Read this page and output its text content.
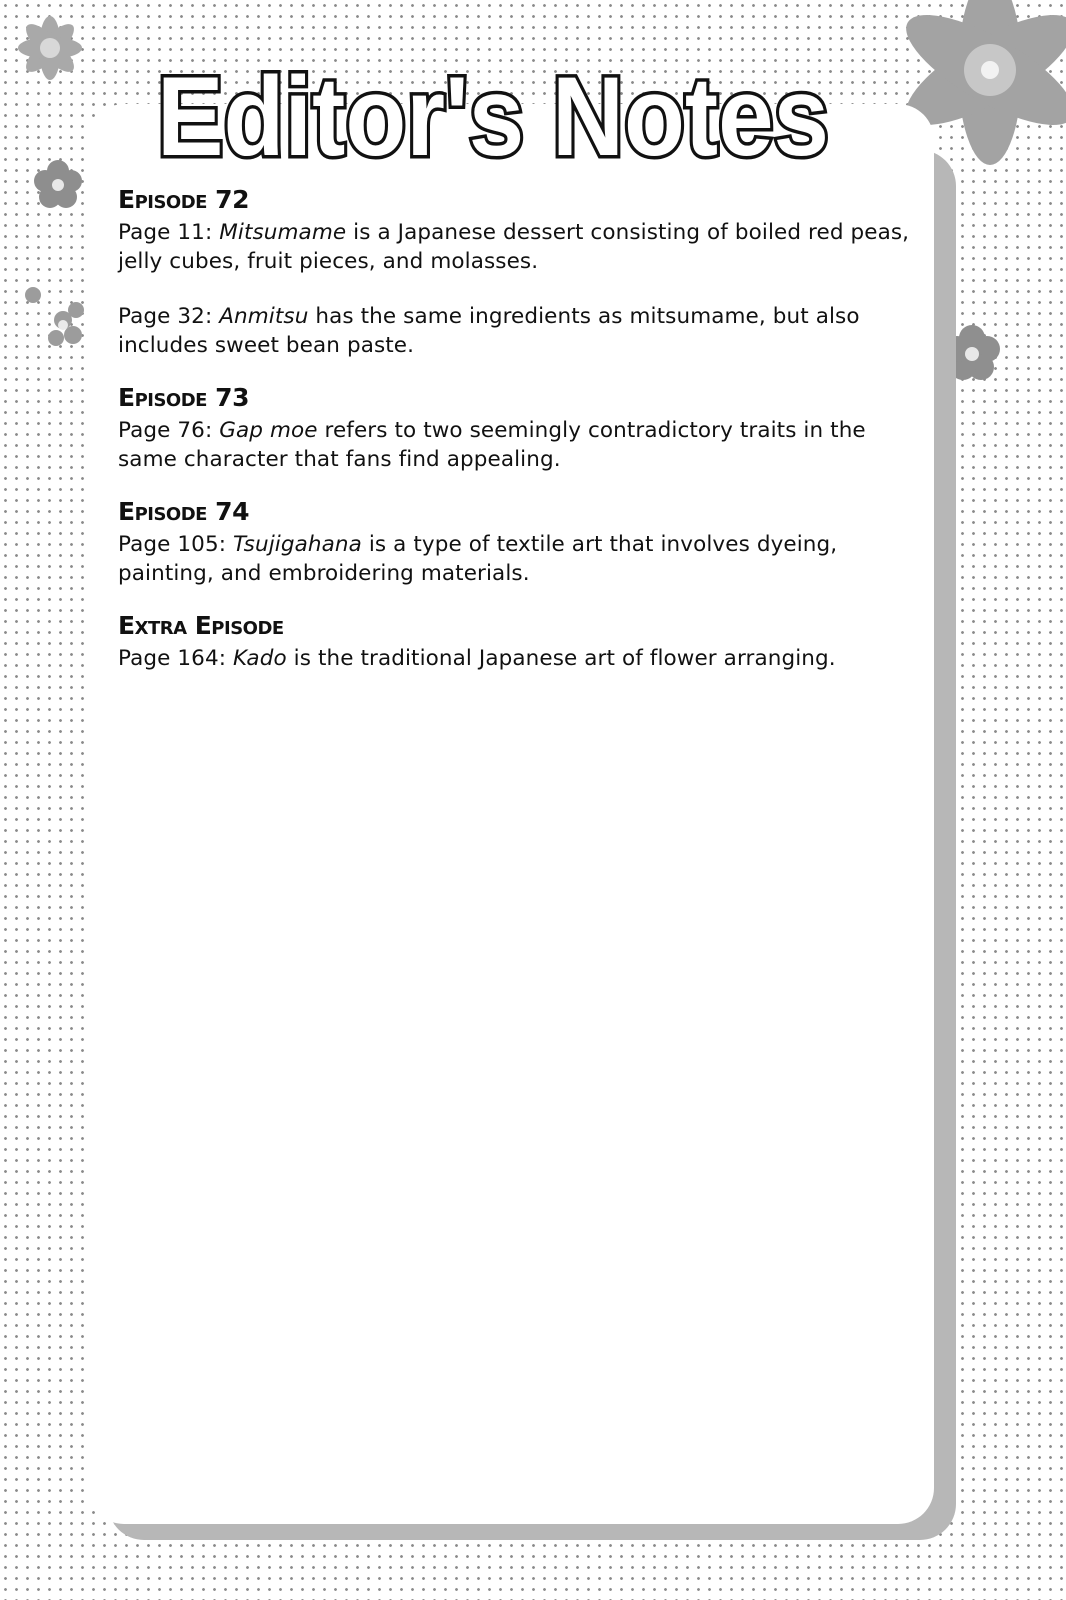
Editor's Notes
Episode 72

Page 11: Mitsumame is a Japanese dessert consisting of boiled red peas, jelly cubes, fruit pieces, and molasses.

Page 32: Anmitsu has the same ingredients as mitsumame, but also includes sweet bean paste.

Episode 73

Page 76: Gap moe refers to two seemingly contradictory traits in the same character that fans find appealing.

Episode 74

Page 105: Tsujigahana is a type of textile art that involves dyeing, painting, and embroidering materials.

Extra Episode

Page 164: Kado is the traditional Japanese art of flower arranging.
